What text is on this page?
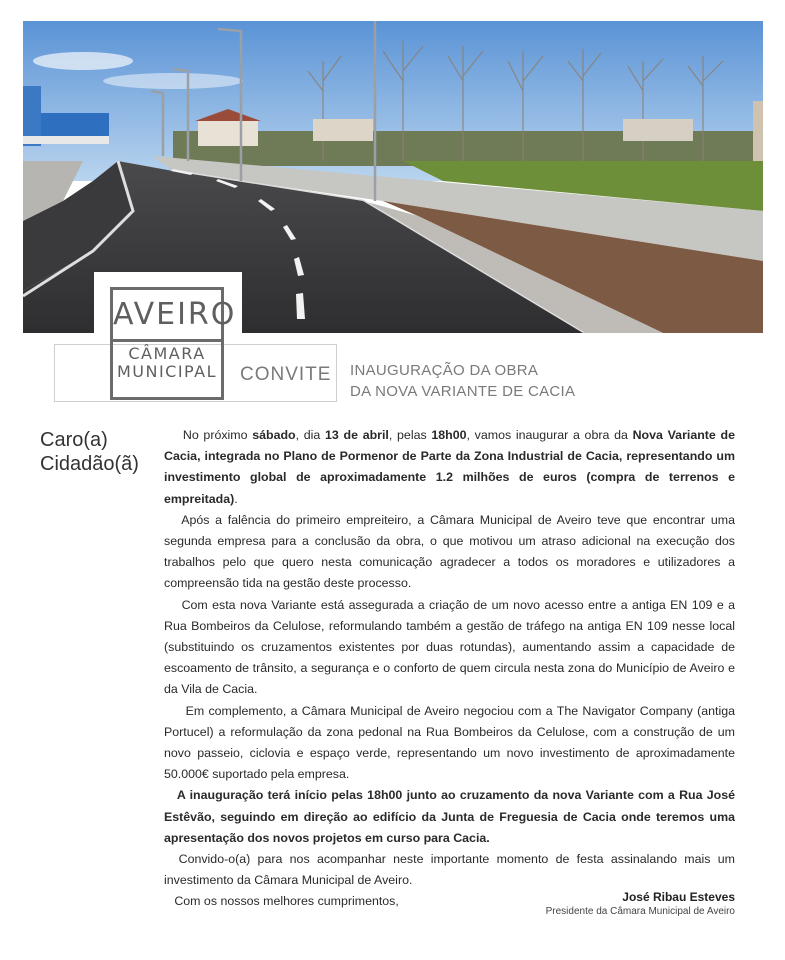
AVEIRO
CÂMARA
MUNICIPAL CONVITE INAUGURAÇÃO DA OBRA
DA NOVA VARIANTE DE CACIA
Caro(a)
Cidadão(ã)

No próximo sábado, dia 13 de abril, pelas 18h00, vamos inaugurar a obra da Nova Variante de Cacia, integrada no Plano de Pormenor de Parte da Zona Industrial de Cacia, representando um investimento global de aproximadamente 1.2 milhões de euros (compra de terrenos e empreitada).

Após a falência do primeiro empreiteiro, a Câmara Municipal de Aveiro teve que encontrar uma segunda empresa para a conclusão da obra, o que motivou um atraso adicional na execução dos trabalhos pelo que quero nesta comunicação agradecer a todos os moradores e utilizadores a compreensão tida na gestão deste processo.

Com esta nova Variante está assegurada a criação de um novo acesso entre a antiga EN 109 e a Rua Bombeiros da Celulose, reformulando também a gestão de tráfego na antiga EN 109 nesse local (substituindo os cruzamentos existentes por duas rotundas), aumentando assim a capacidade de escoamento de trânsito, a segurança e o conforto de quem circula nesta zona do Município de Aveiro e da Vila de Cacia.

Em complemento, a Câmara Municipal de Aveiro negociou com a The Navigator Company (antiga Portucel) a reformulação da zona pedonal na Rua Bombeiros da Celulose, com a construção de um novo passeio, ciclovia e espaço verde, representando um novo investimento de aproximadamente 50.000€ suportado pela empresa.

A inauguração terá início pelas 18h00 junto ao cruzamento da nova Variante com a Rua José Estêvão, seguindo em direção ao edifício da Junta de Freguesia de Cacia onde teremos uma apresentação dos novos projetos em curso para Cacia.

Convido-o(a) para nos acompanhar neste importante momento de festa assinalando mais um investimento da Câmara Municipal de Aveiro.

Com os nossos melhores cumprimentos,	José Ribau Esteves
Presidente da Câmara Municipal de Aveiro
